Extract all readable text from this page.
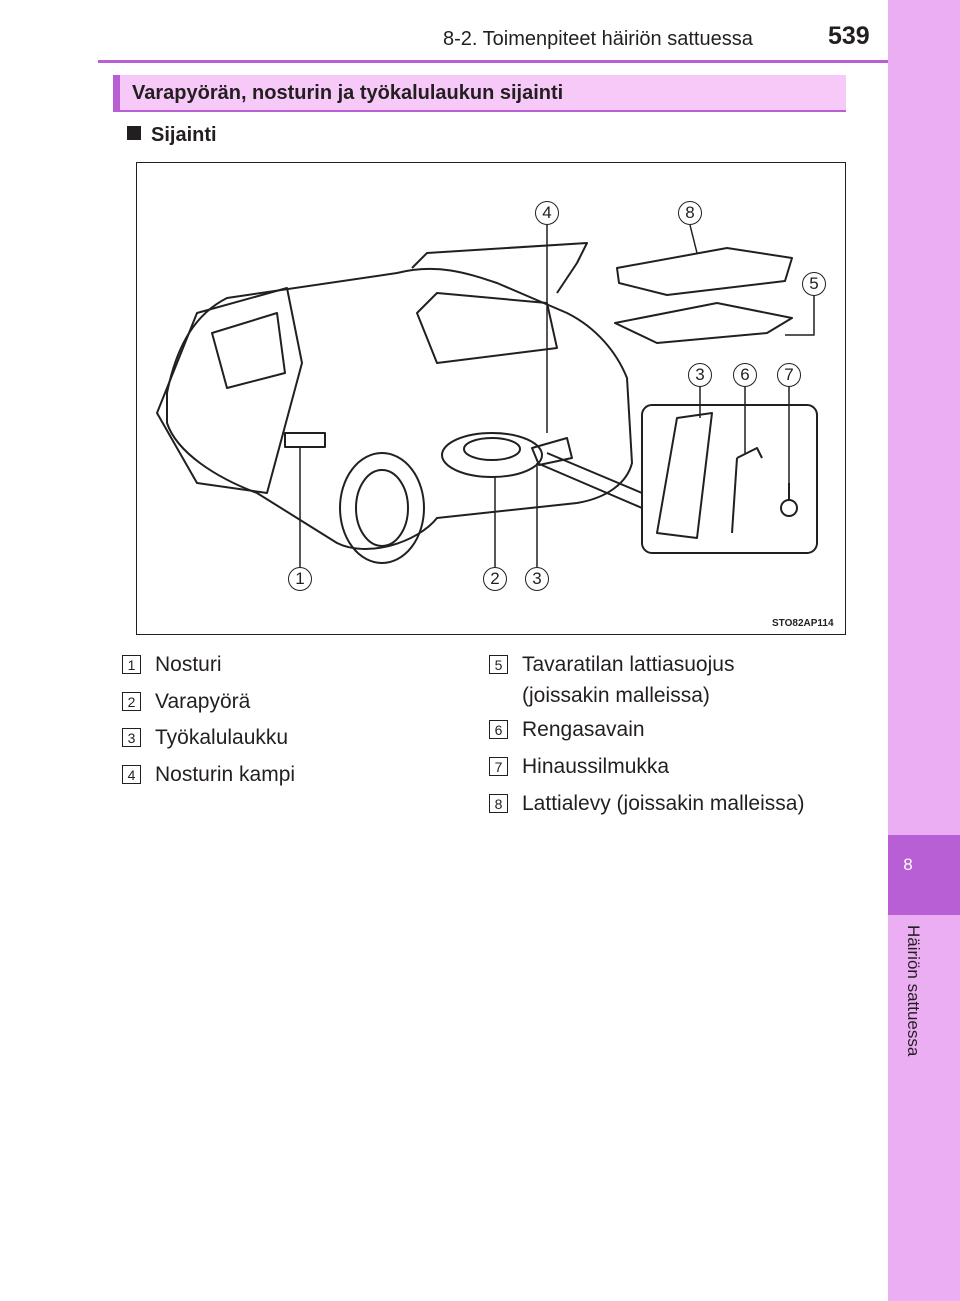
8
Häiriön sattuessa
8-2. Toimenpiteet häiriön sattuessa	539
Varapyörän, nosturin ja työkalulaukun sijainti
Sijainti
1	2	3
4
5
3	6	7
8
STO82AP114
1 Nosturi
2 Varapyörä
3 Työkalulaukku
4 Nosturin kampi
5 Tavaratilan lattiasuojus
(joissakin malleissa)
6 Rengasavain
7 Hinaussilmukka
8 Lattialevy (joissakin malleissa)
